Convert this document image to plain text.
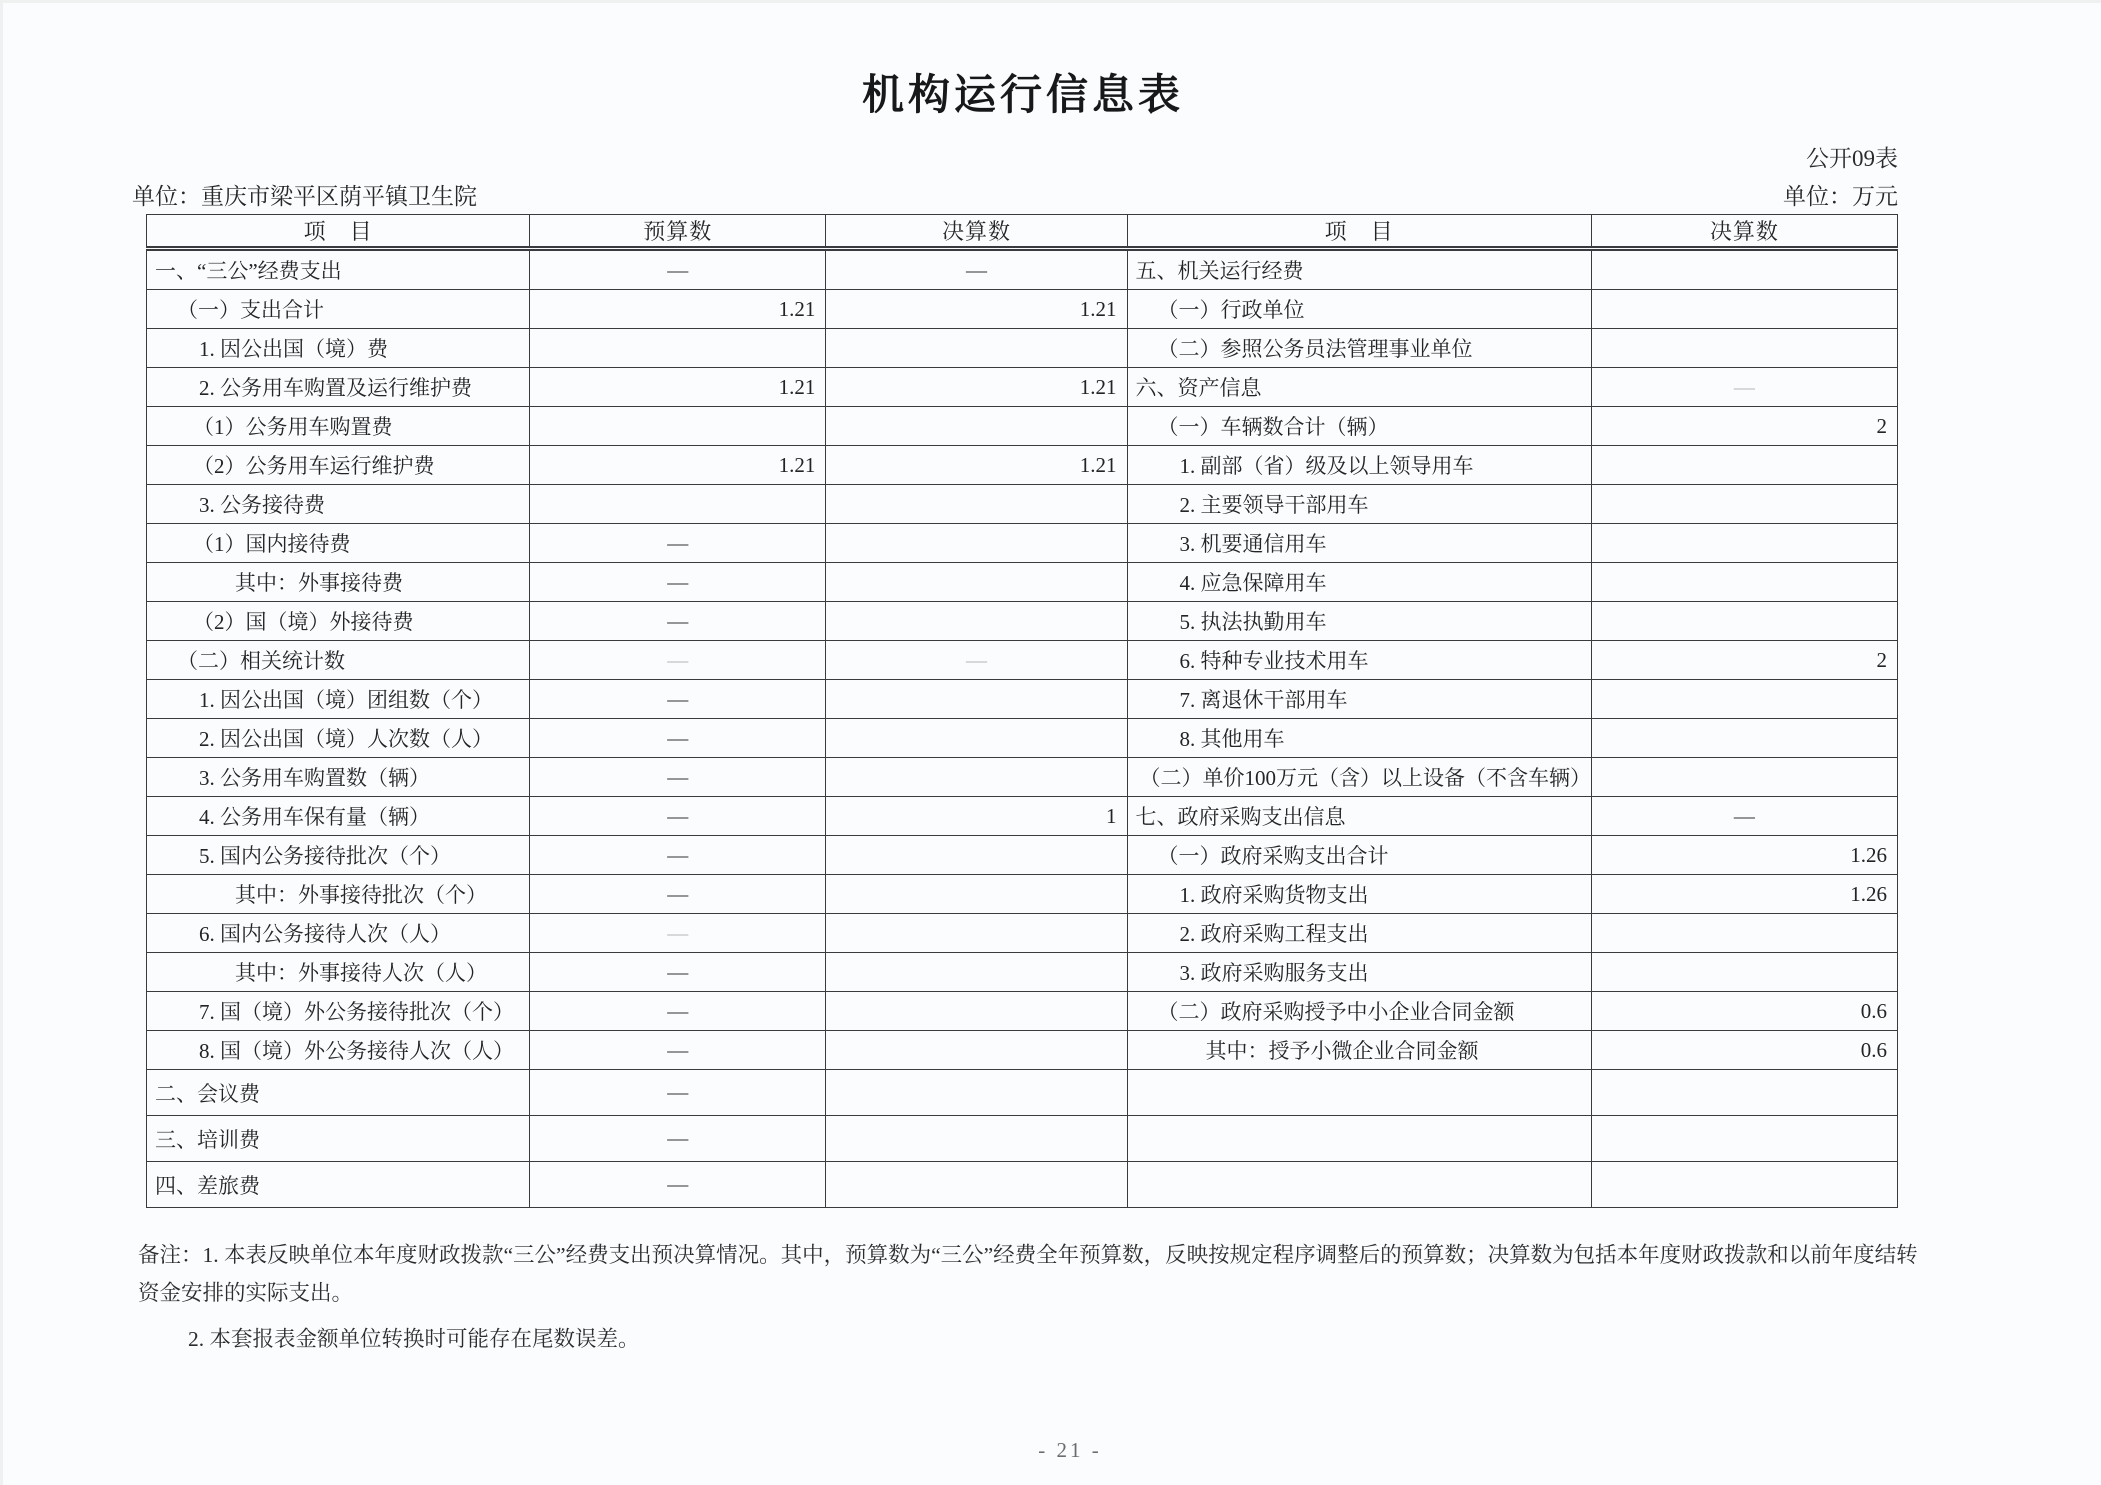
机构运行信息表
公开09表
单位：重庆市梁平区荫平镇卫生院	单位：万元
项　目	预算数	决算数	项　目	决算数
一、“三公”经费支出	—	—	五、机关运行经费	
（一）支出合计	1.21	1.21	（一）行政单位	
1. 因公出国（境）费			（二）参照公务员法管理事业单位	
2. 公务用车购置及运行维护费	1.21	1.21	六、资产信息	—
（1）公务用车购置费			（一）车辆数合计（辆）	2
（2）公务用车运行维护费	1.21	1.21	1. 副部（省）级及以上领导用车	
3. 公务接待费			2. 主要领导干部用车	
（1）国内接待费	—		3. 机要通信用车	
其中：外事接待费	—		4. 应急保障用车	
（2）国（境）外接待费	—		5. 执法执勤用车	
（二）相关统计数	—	—	6. 特种专业技术用车	2
1. 因公出国（境）团组数（个）	—		7. 离退休干部用车	
2. 因公出国（境）人次数（人）	—		8. 其他用车	
3. 公务用车购置数（辆）	—		（二）单价100万元（含）以上设备（不含车辆）	
4. 公务用车保有量（辆）	—	1	七、政府采购支出信息	—
5. 国内公务接待批次（个）	—		（一）政府采购支出合计	1.26
其中：外事接待批次（个）	—		1. 政府采购货物支出	1.26
6. 国内公务接待人次（人）	—		2. 政府采购工程支出	
其中：外事接待人次（人）	—		3. 政府采购服务支出	
7. 国（境）外公务接待批次（个）	—		（二）政府采购授予中小企业合同金额	0.6
8. 国（境）外公务接待人次（人）	—		其中：授予小微企业合同金额	0.6
二、会议费	—			
三、培训费	—			
四、差旅费	—			
备注：1. 本表反映单位本年度财政拨款“三公”经费支出预决算情况。其中，预算数为“三公”经费全年预算数，反映按规定程序调整后的预算数；决算数为包括本年度财政拨款和以前年度结转
资金安排的实际支出。
2. 本套报表金额单位转换时可能存在尾数误差。
- 21 -
